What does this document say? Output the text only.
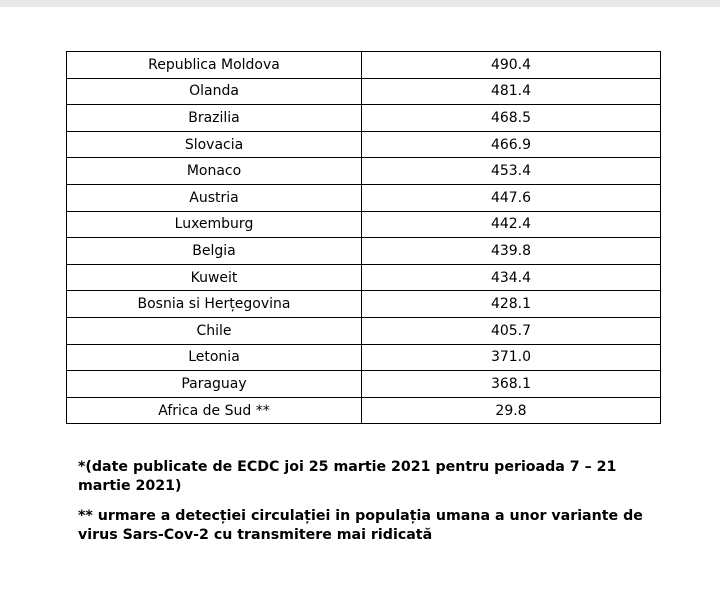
Republica Moldova	490.4
Olanda	481.4
Brazilia	468.5
Slovacia	466.9
Monaco	453.4
Austria	447.6
Luxemburg	442.4
Belgia	439.8
Kuweit	434.4
Bosnia si Herțegovina	428.1
Chile	405.7
Letonia	371.0
Paraguay	368.1
Africa de Sud **	29.8

*(date publicate de ECDC joi 25 martie 2021 pentru perioada 7 – 21 martie 2021)

** urmare a detecției circulației in populația umana a unor variante de virus Sars-Cov-2 cu transmitere mai ridicată
